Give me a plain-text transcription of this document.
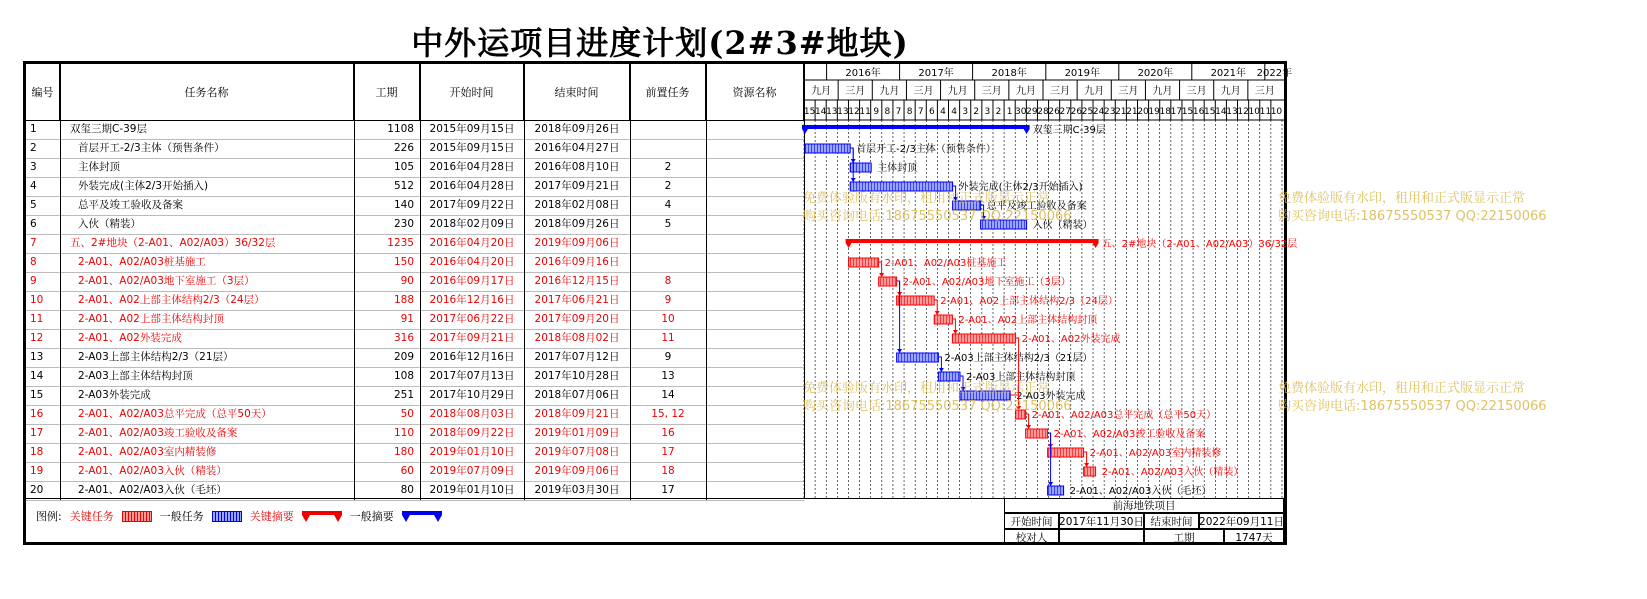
中外运项目进度计划(2#3#地块)
编号	任务名称	工期	开始时间	结束时间	前置任务	资源名称
1	双玺三期C-39层	1108	2015年09月15日	2018年09月26日
2	首层开工-2/3主体（预售条件）	226	2015年09月15日	2016年04月27日
3	主体封顶	105	2016年04月28日	2016年08月10日	2
4	外装完成(主体2/3开始插入)	512	2016年04月28日	2017年09月21日	2
5	总平及竣工验收及备案	140	2017年09月22日	2018年02月08日	4
6	入伙（精装）	230	2018年02月09日	2018年09月26日	5
7	五、2#地块（2-A01、A02/A03）36/32层	1235	2016年04月20日	2019年09月06日
8	2-A01、A02/A03桩基施工	150	2016年04月20日	2016年09月16日
9	2-A01、A02/A03地下室施工（3层）	90	2016年09月17日	2016年12月15日	8
10	2-A01、A02上部主体结构2/3（24层）	188	2016年12月16日	2017年06月21日	9
11	2-A01、A02上部主体结构封顶	91	2017年06月22日	2017年09月20日	10
12	2-A01、A02外装完成	316	2017年09月21日	2018年08月02日	11
13	2-A03上部主体结构2/3（21层）	209	2016年12月16日	2017年07月12日	9
14	2-A03上部主体结构封顶	108	2017年07月13日	2017年10月28日	13
15	2-A03外装完成	251	2017年10月29日	2018年07月06日	14
16	2-A01、A02/A03总平完成（总平50天）	50	2018年08月03日	2018年09月21日	15, 12
17	2-A01、A02/A03竣工验收及备案	110	2018年09月22日	2019年01月09日	16
18	2-A01、A02/A03室内精装修	180	2019年01月10日	2019年07月08日	17
19	2-A01、A02/A03入伙（精装）	60	2019年07月09日	2019年09月06日	18
20	2-A01、A02/A03入伙（毛坯）	80	2019年01月10日	2019年03月30日	17
2016年	2017年	2018年	2019年	2020年	2021年 2022年
九月 三月 九月 三月 九月 三月 九月 三月 九月 三月 九月 三月 九月 三月
15 14 13 13 12 11 9 8 7 8 7 6 4 4 3 2 3 2 1 30 29 28 26 27 26 25 24 23 21 21 20 19 18 17 15 16 15 14 13 12 10 11 10
双玺三期C-39层
首层开工-2/3主体（预售条件）
主体封顶
外装完成(主体2/3开始插入)
总平及竣工验收及备案
入伙（精装）
五、2#地块（2-A01、A02/A03）36/32层
2-A01、A02/A03桩基施工
2-A01、A02/A03地下室施工（3层）
2-A01、A02上部主体结构2/3（24层）
2-A01、A02上部主体结构封顶
2-A01、A02外装完成
2-A03上部主体结构2/3（21层）
2-A03上部主体结构封顶
2-A03外装完成
2-A01、A02/A03总平完成（总平50天）
2-A01、A02/A03竣工验收及备案
2-A01、A02/A03室内精装修
2-A01、A02/A03入伙（精装）
2-A01、A02/A03入伙（毛坯）
图例: 关键任务	一般任务	关键摘要	一般摘要
前海地铁项目
开始时间 2017年11月30日 结束时间 2022年09月11日
校对人	工期	1747天
免费体验版有水印，租用和正式版显示正常
购买咨询电话:18675550537 QQ:22150066
免费体验版有水印，租用和正式版显示正常
购买咨询电话:18675550537 QQ:22150066
免费体验版有水印，租用和正式版显示正常
购买咨询电话:18675550537 QQ:22150066
免费体验版有水印，租用和正式版显示正常
购买咨询电话:18675550537 QQ:22150066
